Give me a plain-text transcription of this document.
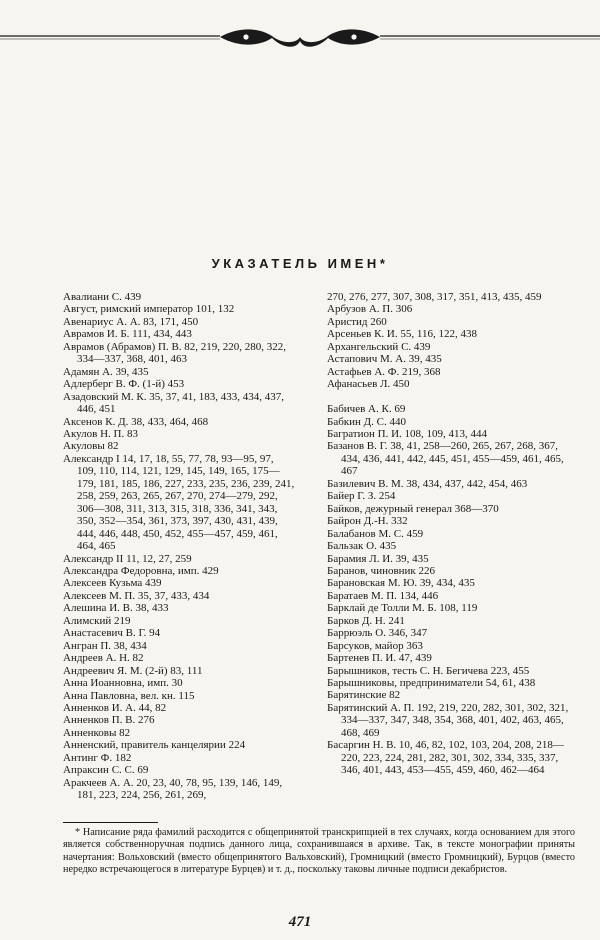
УКАЗАТЕЛЬ ИМЕН*
Авалиани С. 439
Август, римский император 101, 132
Авенариус А. А. 83, 171, 450
Аврамов И. Б. 111, 434, 443
Аврамов (Абрамов) П. В. 82, 219, 220, 280, 322, 334—337, 368, 401, 463
Адамян А. 39, 435
Адлерберг В. Ф. (1-й) 453
Азадовский М. К. 35, 37, 41, 183, 433, 434, 437, 446, 451
Аксенов К. Д. 38, 433, 464, 468
Акулов Н. П. 83
Акуловы 82
Александр I 14, 17, 18, 55, 77, 78, 93—95, 97, 109, 110, 114, 121, 129, 145, 149, 165, 175—179, 181, 185, 186, 227, 233, 235, 236, 239, 241, 258, 259, 263, 265, 267, 270, 274—279, 292, 306—308, 311, 313, 315, 318, 336, 341, 343, 350, 352—354, 361, 373, 397, 430, 431, 439, 444, 446, 448, 450, 452, 455—457, 459, 461, 464, 465
Александр II 11, 12, 27, 259
Александра Федоровна, имп. 429
Алексеев Кузьма 439
Алексеев М. П. 35, 37, 433, 434
Алешина И. В. 38, 433
Алимский 219
Анастасевич В. Г. 94
Ангран П. 38, 434
Андреев А. Н. 82
Андреевич Я. М. (2-й) 83, 111
Анна Иоанновна, имп. 30
Анна Павловна, вел. кн. 115
Анненков И. А. 44, 82
Анненков П. В. 276
Анненковы 82
Анненский, правитель канцелярии 224
Антинг Ф. 182
Апраксин С. С. 69
Аракчеев А. А. 20, 23, 40, 78, 95, 139, 146, 149, 181, 223, 224, 256, 261, 269,
270, 276, 277, 307, 308, 317, 351, 413, 435, 459
Арбузов А. П. 306
Аристид 260
Арсеньев К. И. 55, 116, 122, 438
Архангельский С. 439
Астапович М. А. 39, 435
Астафьев А. Ф. 219, 368
Афанасьев Л. 450
Бабичев А. К. 69
Бабкин Д. С. 440
Багратион П. И. 108, 109, 413, 444
Базанов В. Г. 38, 41, 258—260, 265, 267, 268, 367, 434, 436, 441, 442, 445, 451, 455—459, 461, 465, 467
Базилевич В. М. 38, 434, 437, 442, 454, 463
Байер Г. З. 254
Байков, дежурный генерал 368—370
Байрон Д.-Н. 332
Балабанов М. С. 459
Бальзак О. 435
Барамия Л. И. 39, 435
Баранов, чиновник 226
Барановская М. Ю. 39, 434, 435
Баратаев М. П. 134, 446
Барклай де Толли М. Б. 108, 119
Барков Д. Н. 241
Баррюэль О. 346, 347
Барсуков, майор 363
Бартенев П. И. 47, 439
Барышников, тесть С. Н. Бегичева 223, 455
Барышниковы, предприниматели 54, 61, 438
Барятинские 82
Барятинский А. П. 192, 219, 220, 282, 301, 302, 321, 334—337, 347, 348, 354, 368, 401, 402, 463, 465, 468, 469
Басаргин Н. В. 10, 46, 82, 102, 103, 204, 208, 218—220, 223, 224, 281, 282, 301, 302, 334, 335, 337, 346, 401, 443, 453—455, 459, 460, 462—464
* Написание ряда фамилий расходится с общепринятой транскрипцией в тех случаях, когда основанием для этого является собственноручная подпись данного лица, сохранившаяся в архиве. Так, в тексте монографии приняты начертания: Вольховский (вместо общепринятого Вальховский), Громницкий (вместо Громницкий), Бурцов (вместо нередко встречающегося в литературе Бурцев) и т. д., поскольку таковы личные подписи декабристов.
471
